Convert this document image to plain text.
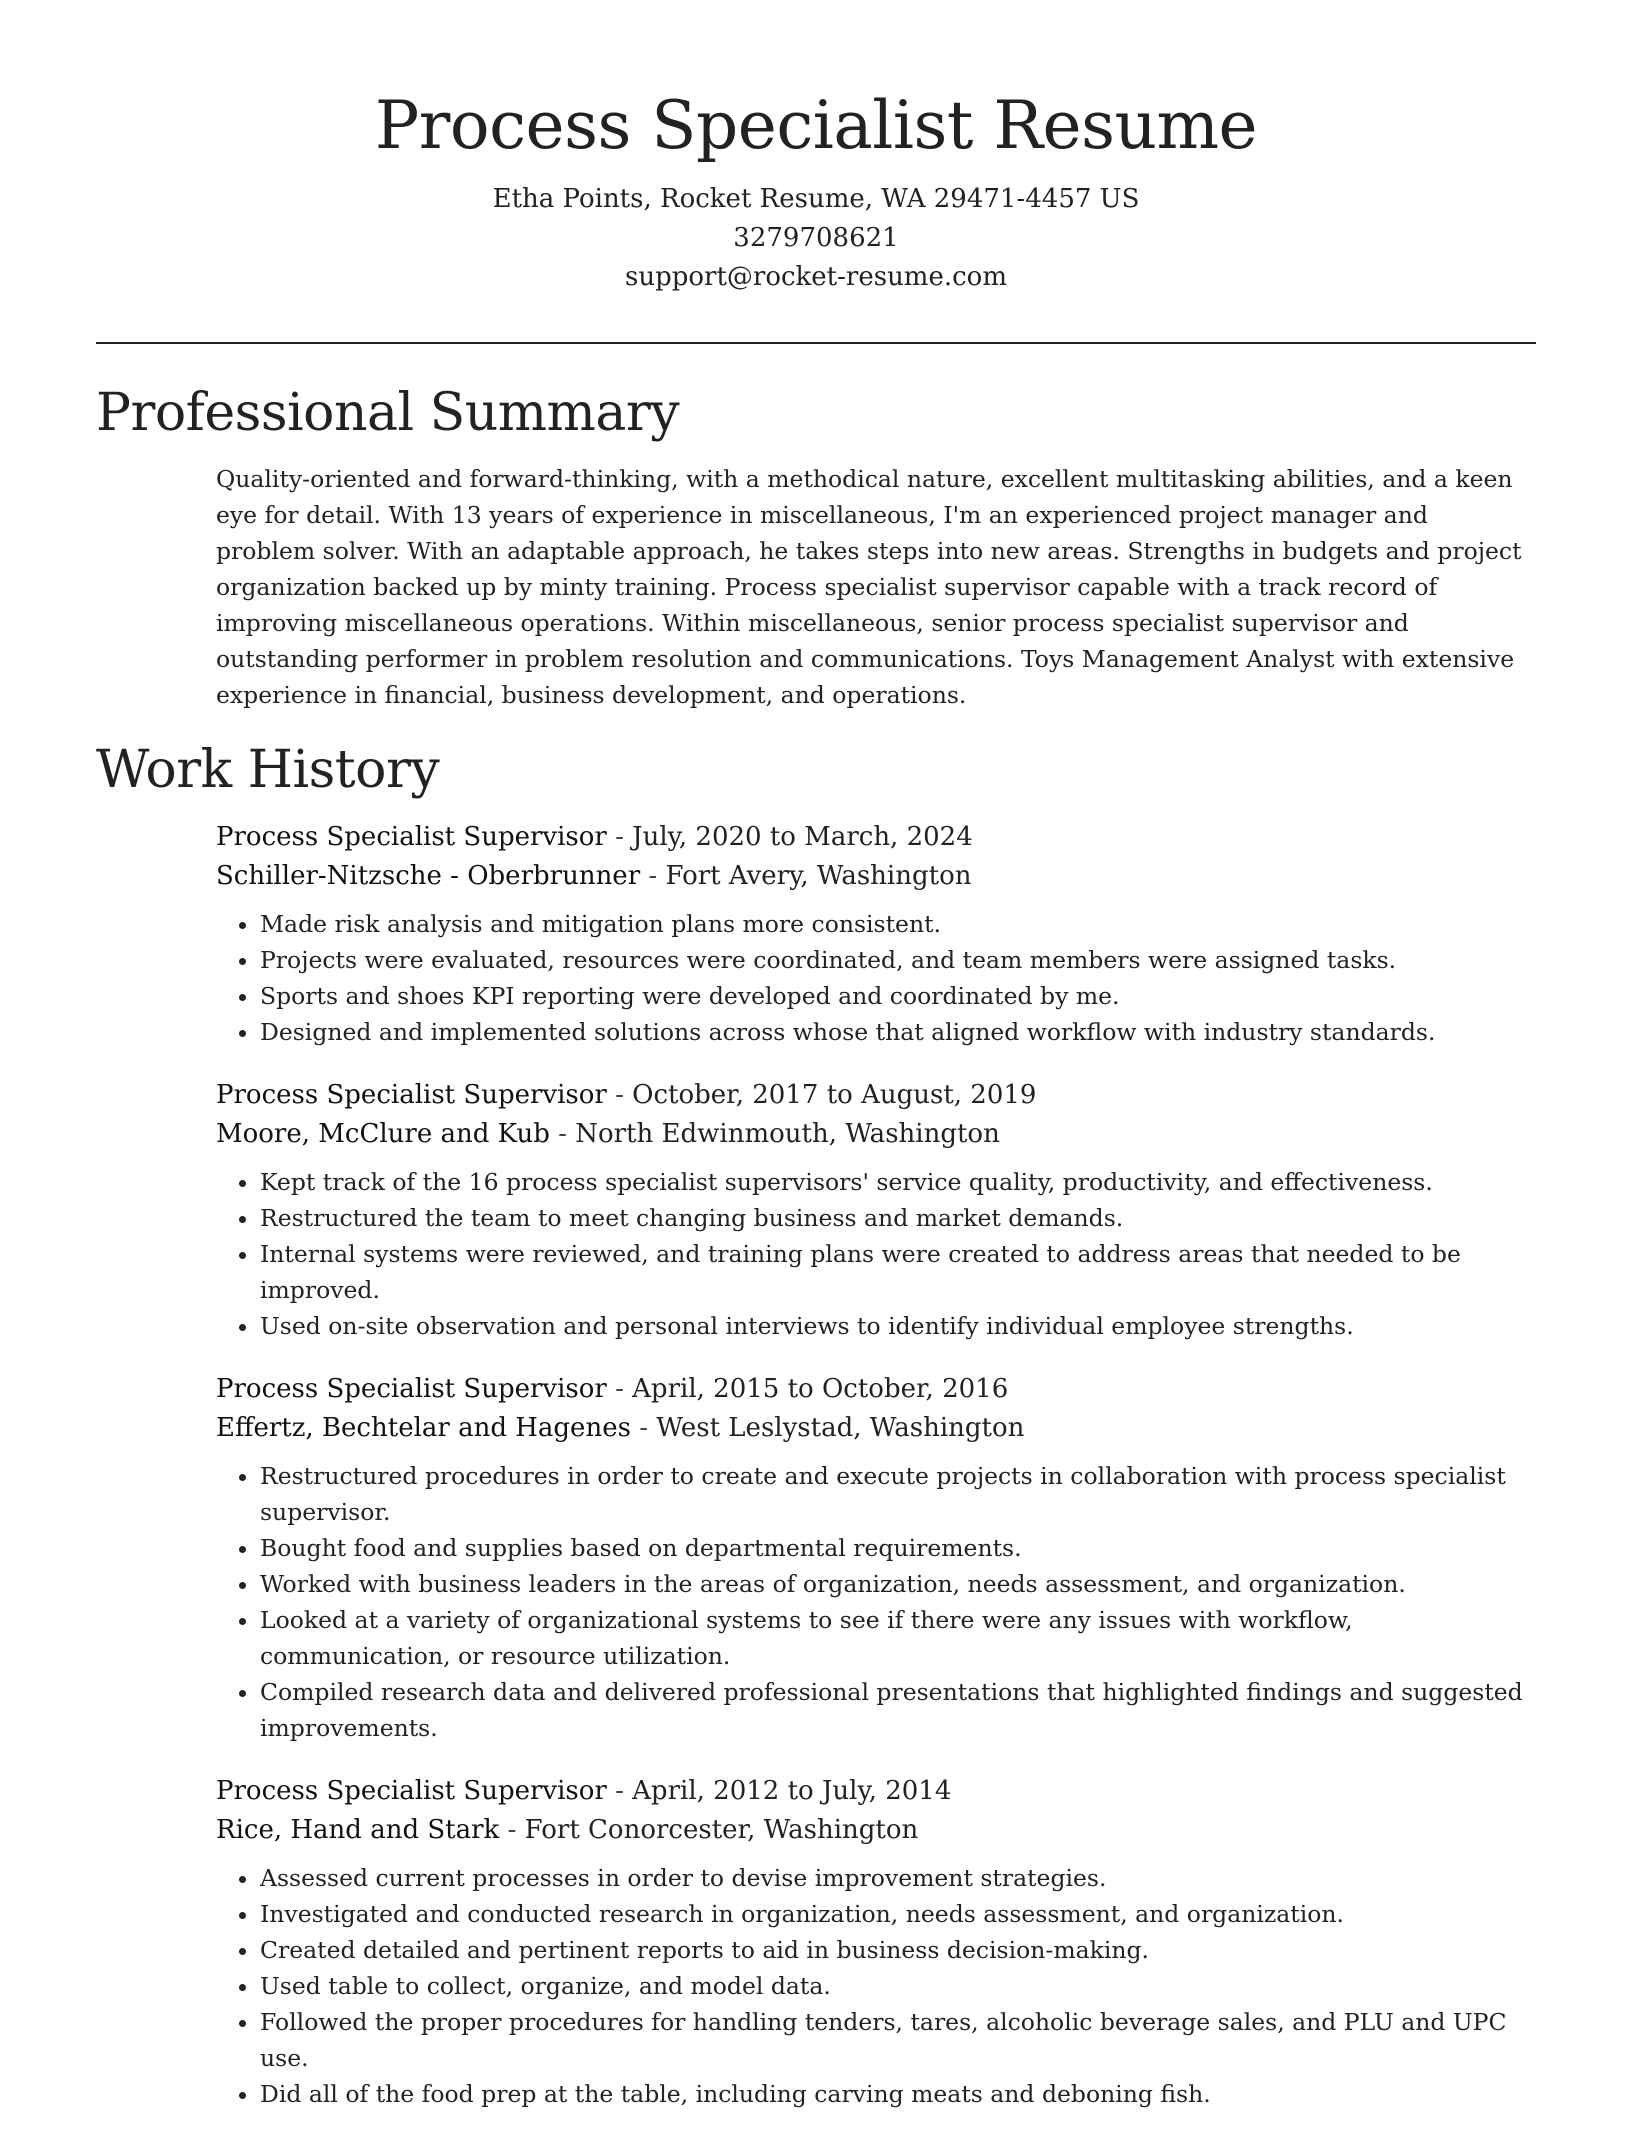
Process Specialist Resume

Etha Points, Rocket Resume, WA 29471-4457 US

3279708621

support@rocket-resume.com

Professional Summary

Quality-oriented and forward-thinking, with a methodical nature, excellent multitasking abilities, and a keen eye for detail. With 13 years of experience in miscellaneous, I'm an experienced project manager and problem solver. With an adaptable approach, he takes steps into new areas. Strengths in budgets and project organization backed up by minty training. Process specialist supervisor capable with a track record of improving miscellaneous operations. Within miscellaneous, senior process specialist supervisor and outstanding performer in problem resolution and communications. Toys Management Analyst with extensive experience in financial, business development, and operations.

Work History

Process Specialist Supervisor - July, 2020 to March, 2024

Schiller-Nitzsche - Oberbrunner - Fort Avery, Washington

• Made risk analysis and mitigation plans more consistent.
• Projects were evaluated, resources were coordinated, and team members were assigned tasks.
• Sports and shoes KPI reporting were developed and coordinated by me.
• Designed and implemented solutions across whose that aligned workflow with industry standards.

Process Specialist Supervisor - October, 2017 to August, 2019

Moore, McClure and Kub - North Edwinmouth, Washington

• Kept track of the 16 process specialist supervisors' service quality, productivity, and effectiveness.
• Restructured the team to meet changing business and market demands.
• Internal systems were reviewed, and training plans were created to address areas that needed to be improved.
• Used on-site observation and personal interviews to identify individual employee strengths.

Process Specialist Supervisor - April, 2015 to October, 2016

Effertz, Bechtelar and Hagenes - West Leslystad, Washington

• Restructured procedures in order to create and execute projects in collaboration with process specialist supervisor.
• Bought food and supplies based on departmental requirements.
• Worked with business leaders in the areas of organization, needs assessment, and organization.
• Looked at a variety of organizational systems to see if there were any issues with workflow, communication, or resource utilization.
• Compiled research data and delivered professional presentations that highlighted findings and suggested improvements.

Process Specialist Supervisor - April, 2012 to July, 2014

Rice, Hand and Stark - Fort Conorcester, Washington

• Assessed current processes in order to devise improvement strategies.
• Investigated and conducted research in organization, needs assessment, and organization.
• Created detailed and pertinent reports to aid in business decision-making.
• Used table to collect, organize, and model data.
• Followed the proper procedures for handling tenders, tares, alcoholic beverage sales, and PLU and UPC use.
• Did all of the food prep at the table, including carving meats and deboning fish.
